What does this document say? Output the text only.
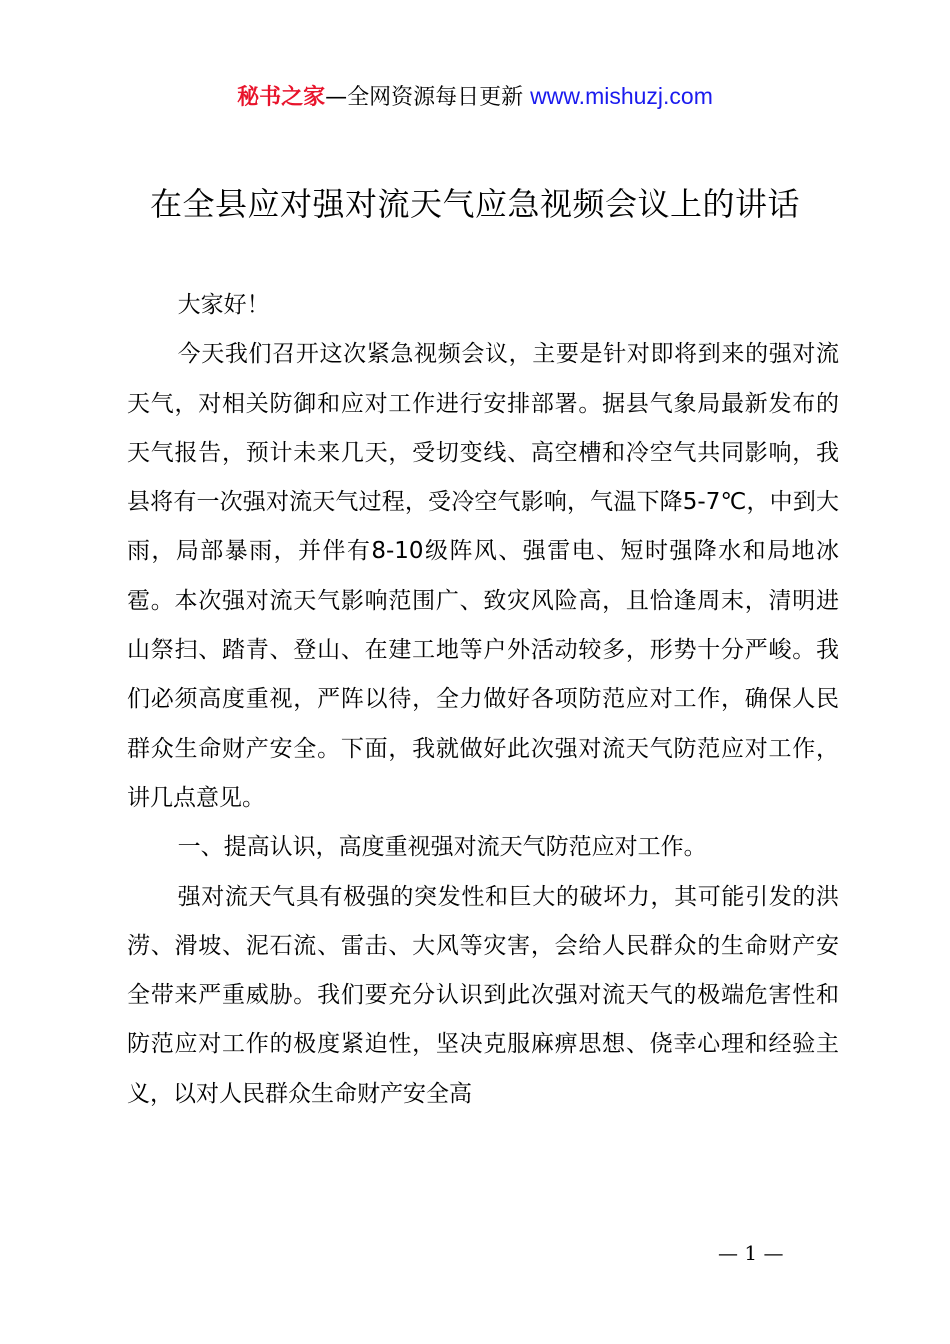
秘书之家—全网资源每日更新 www.mishuzj.com
在全县应对强对流天气应急视频会议上的讲话

大家好！

今天我们召开这次紧急视频会议，主要是针对即将到来的强对流天气，对相关防御和应对工作进行安排部署。据县气象局最新发布的天气报告，预计未来几天，受切变线、高空槽和冷空气共同影响，我县将有一次强对流天气过程，受冷空气影响，气温下降5-7℃，中到大雨，局部暴雨，并伴有8-10级阵风、强雷电、短时强降水和局地冰雹。本次强对流天气影响范围广、致灾风险高，且恰逢周末，清明进山祭扫、踏青、登山、在建工地等户外活动较多，形势十分严峻。我们必须高度重视，严阵以待，全力做好各项防范应对工作，确保人民群众生命财产安全。下面，我就做好此次强对流天气防范应对工作，讲几点意见。

一、提高认识，高度重视强对流天气防范应对工作。

强对流天气具有极强的突发性和巨大的破坏力，其可能引发的洪涝、滑坡、泥石流、雷击、大风等灾害，会给人民群众的生命财产安全带来严重威胁。我们要充分认识到此次强对流天气的极端危害性和防范应对工作的极度紧迫性，坚决克服麻痹思想、侥幸心理和经验主义，以对人民群众生命财产安全高

— 1 —
